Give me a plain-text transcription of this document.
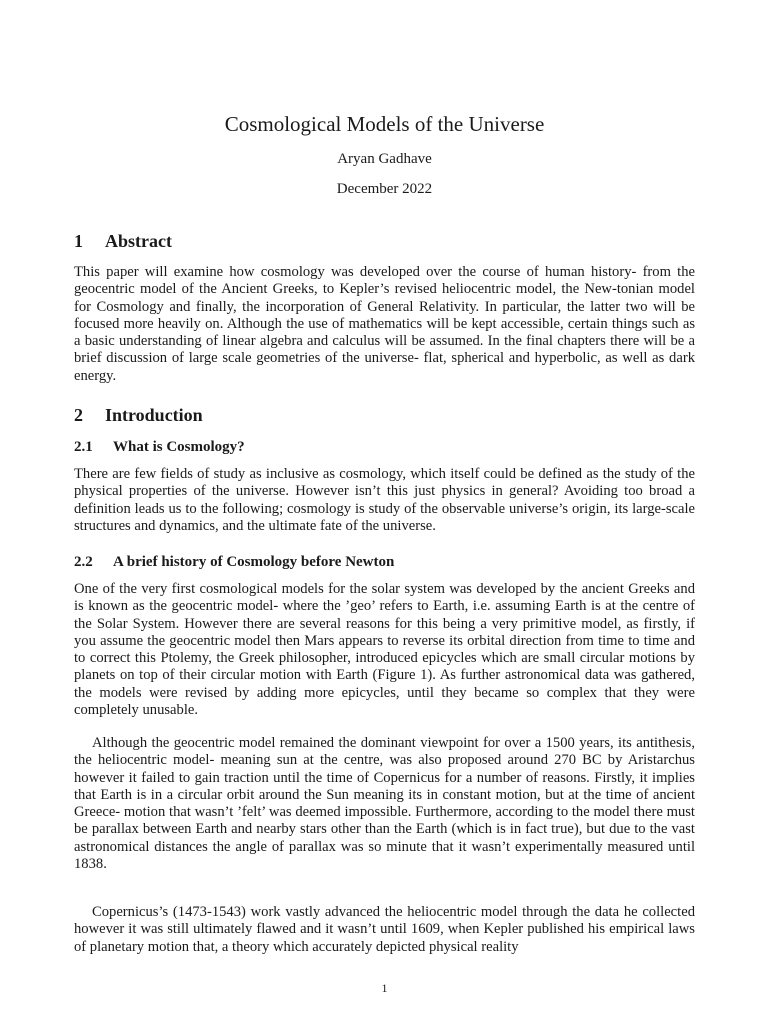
Cosmological Models of the Universe
Aryan Gadhave
December 2022
1 Abstract

This paper will examine how cosmology was developed over the course of human history- from the geocentric model of the Ancient Greeks, to Kepler’s revised heliocentric model, the New-tonian model for Cosmology and finally, the incorporation of General Relativity. In particular, the latter two will be focused more heavily on. Although the use of mathematics will be kept accessible, certain things such as a basic understanding of linear algebra and calculus will be assumed. In the final chapters there will be a brief discussion of large scale geometries of the universe- flat, spherical and hyperbolic, as well as dark energy.

2 Introduction
2.1 What is Cosmology?

There are few fields of study as inclusive as cosmology, which itself could be defined as the study of the physical properties of the universe. However isn’t this just physics in general? Avoiding too broad a definition leads us to the following; cosmology is study of the observable universe’s origin, its large-scale structures and dynamics, and the ultimate fate of the universe.

2.2 A brief history of Cosmology before Newton

One of the very first cosmological models for the solar system was developed by the ancient Greeks and is known as the geocentric model- where the ’geo’ refers to Earth, i.e. assuming Earth is at the centre of the Solar System. However there are several reasons for this being a very primitive model, as firstly, if you assume the geocentric model then Mars appears to reverse its orbital direction from time to time and to correct this Ptolemy, the Greek philosopher, introduced epicycles which are small circular motions by planets on top of their circular motion with Earth (Figure 1). As further astronomical data was gathered, the models were revised by adding more epicycles, until they became so complex that they were completely unusable.

Although the geocentric model remained the dominant viewpoint for over a 1500 years, its antithesis, the heliocentric model- meaning sun at the centre, was also proposed around 270 BC by Aristarchus however it failed to gain traction until the time of Copernicus for a number of reasons. Firstly, it implies that Earth is in a circular orbit around the Sun meaning its in constant motion, but at the time of ancient Greece- motion that wasn’t ’felt’ was deemed impossible. Furthermore, according to the model there must be parallax between Earth and nearby stars other than the Earth (which is in fact true), but due to the vast astronomical distances the angle of parallax was so minute that it wasn’t experimentally measured until 1838.

Copernicus’s (1473-1543) work vastly advanced the heliocentric model through the data he collected however it was still ultimately flawed and it wasn’t until 1609, when Kepler published his empirical laws of planetary motion that, a theory which accurately depicted physical reality

1
